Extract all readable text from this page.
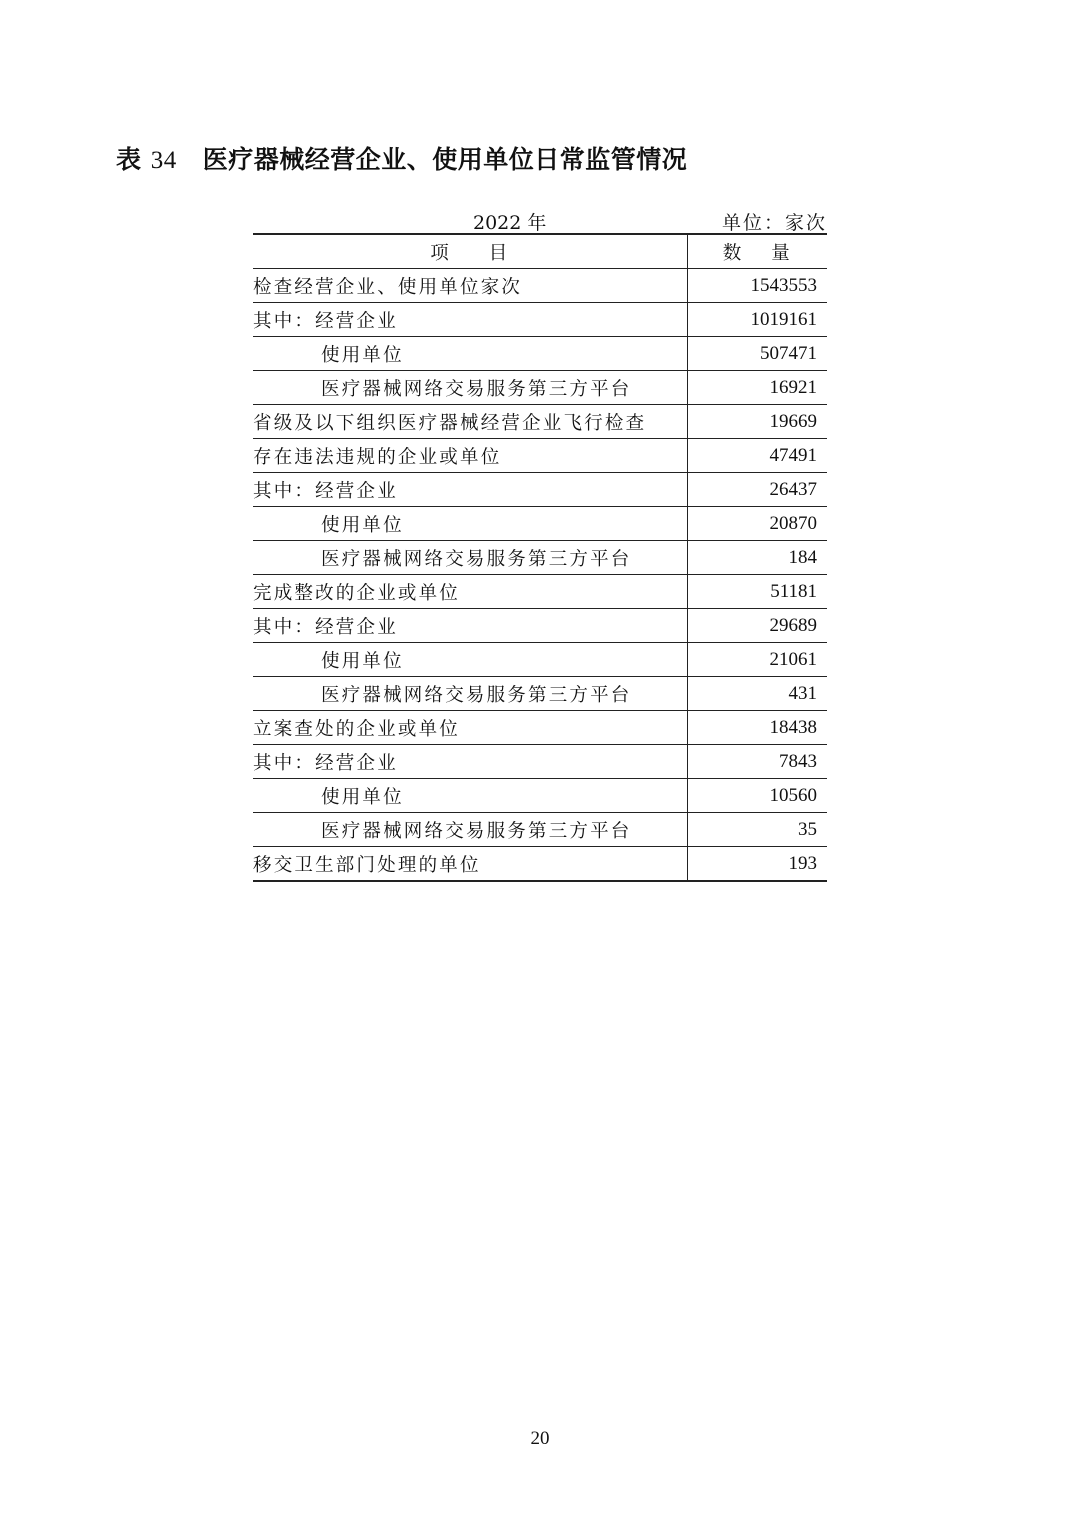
表 34 医疗器械经营企业、使用单位日常监管情况
2022 年	单位：家次
项 目	数 量

检查经营企业、使用单位家次	1543553
其中：经营企业	1019161
使用单位	507471
医疗器械网络交易服务第三方平台	16921
省级及以下组织医疗器械经营企业飞行检查	19669
存在违法违规的企业或单位	47491
其中：经营企业	26437
使用单位	20870
医疗器械网络交易服务第三方平台	184
完成整改的企业或单位	51181
其中：经营企业	29689
使用单位	21061
医疗器械网络交易服务第三方平台	431
立案查处的企业或单位	18438
其中：经营企业	7843
使用单位	10560
医疗器械网络交易服务第三方平台	35
移交卫生部门处理的单位	193
20
